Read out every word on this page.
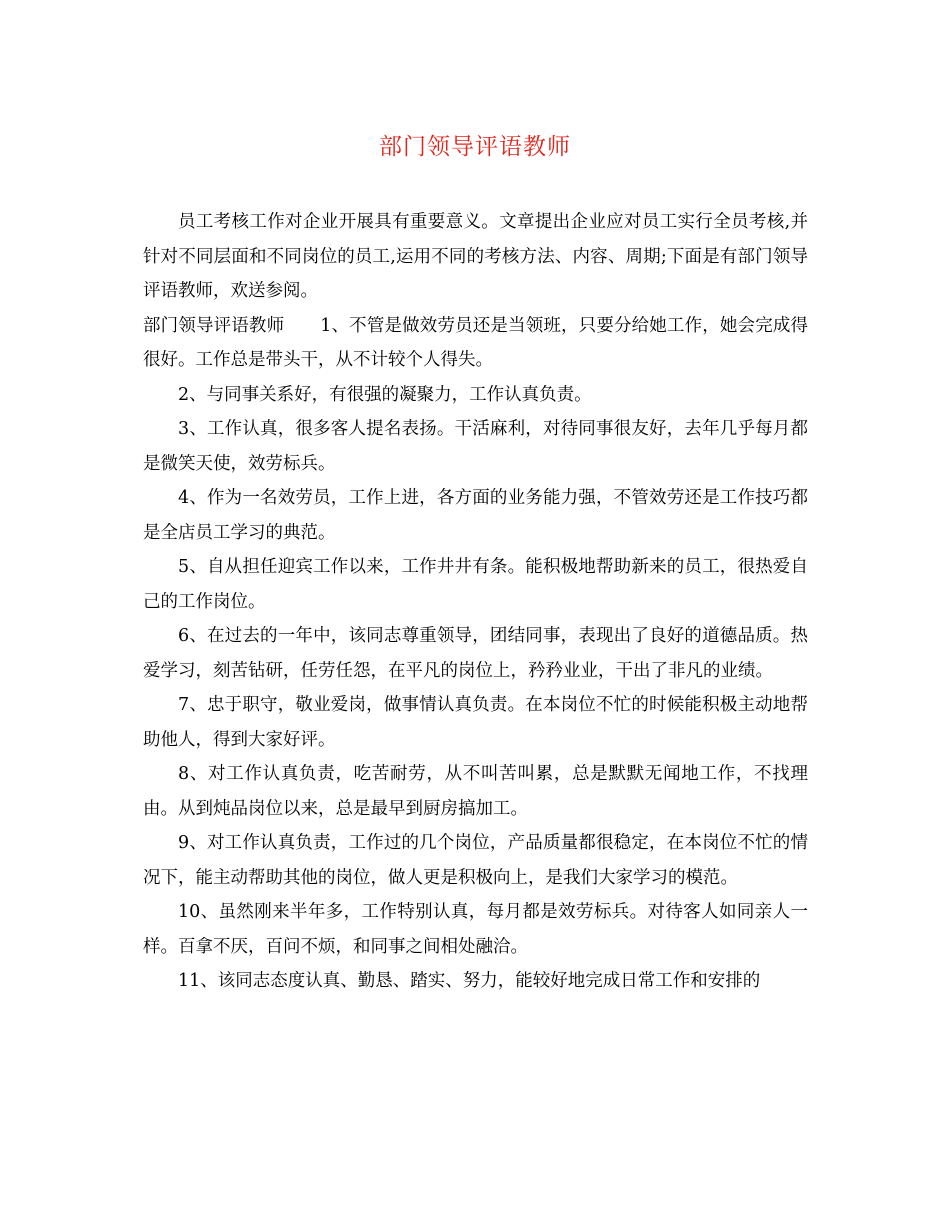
部门领导评语教师

员工考核工作对企业开展具有重要意义。文章提出企业应对员工实行全员考核,并针对不同层面和不同岗位的员工,运用不同的考核方法、内容、周期;下面是有部门领导评语教师，欢送参阅。

部门领导评语教师 1、不管是做效劳员还是当领班，只要分给她工作，她会完成得很好。工作总是带头干，从不计较个人得失。

2、与同事关系好，有很强的凝聚力，工作认真负责。

3、工作认真，很多客人提名表扬。干活麻利，对待同事很友好，去年几乎每月都是微笑天使，效劳标兵。

4、作为一名效劳员，工作上进，各方面的业务能力强，不管效劳还是工作技巧都是全店员工学习的典范。

5、自从担任迎宾工作以来，工作井井有条。能积极地帮助新来的员工，很热爱自己的工作岗位。

6、在过去的一年中，该同志尊重领导，团结同事，表现出了良好的道德品质。热爱学习，刻苦钻研，任劳任怨，在平凡的岗位上，矜矜业业，干出了非凡的业绩。

7、忠于职守，敬业爱岗，做事情认真负责。在本岗位不忙的时候能积极主动地帮助他人，得到大家好评。

8、对工作认真负责，吃苦耐劳，从不叫苦叫累，总是默默无闻地工作，不找理由。从到炖品岗位以来，总是最早到厨房搞加工。

9、对工作认真负责，工作过的几个岗位，产品质量都很稳定，在本岗位不忙的情况下，能主动帮助其他的岗位，做人更是积极向上，是我们大家学习的模范。

10、虽然刚来半年多，工作特别认真，每月都是效劳标兵。对待客人如同亲人一样。百拿不厌，百问不烦，和同事之间相处融洽。

11、该同志态度认真、勤恳、踏实、努力，能较好地完成日常工作和安排的
